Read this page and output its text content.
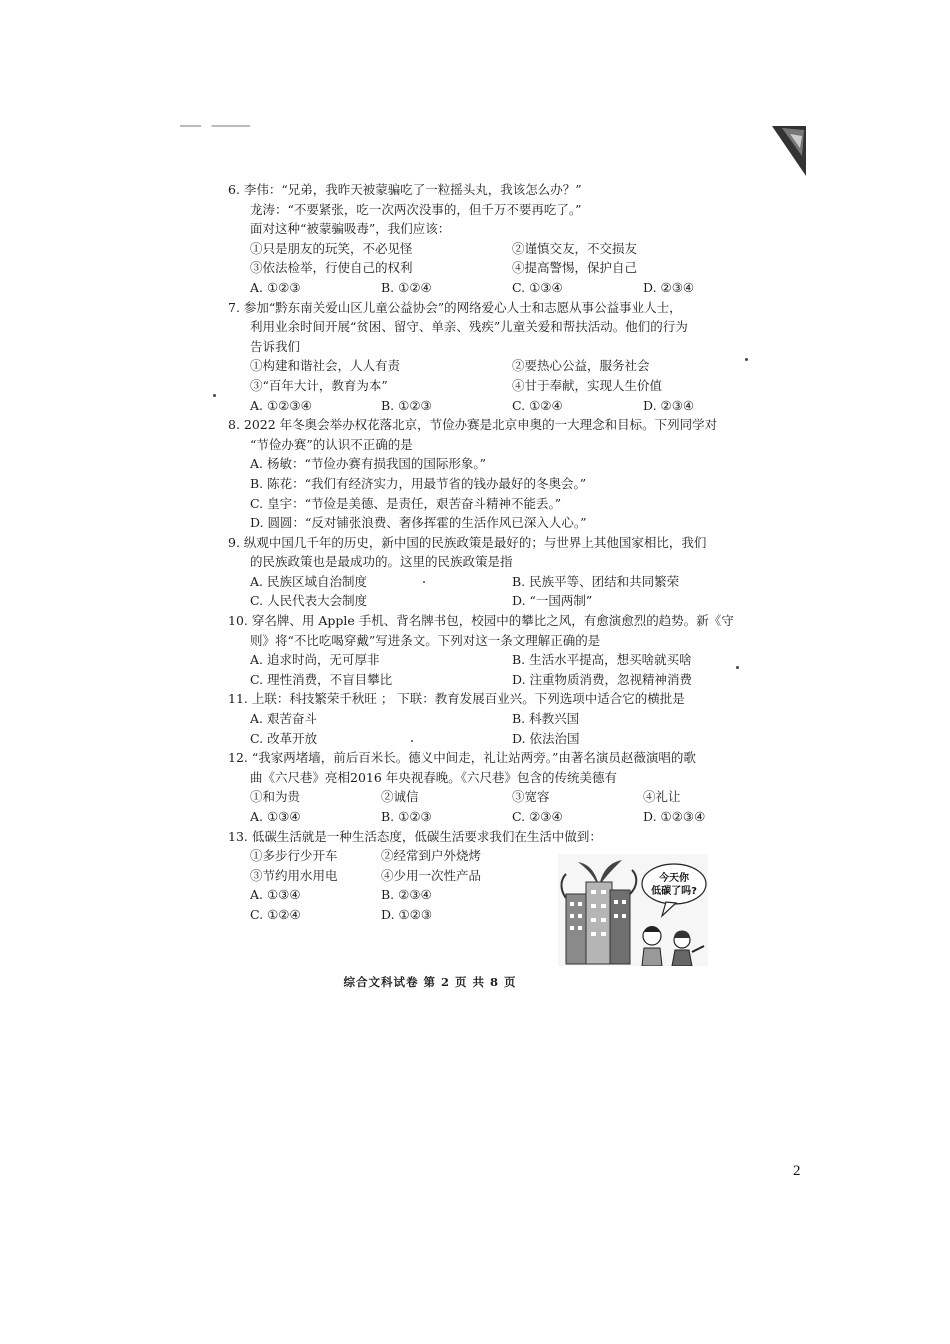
6. 李伟：“兄弟，我昨天被蒙骗吃了一粒摇头丸，我该怎么办？”
龙涛：“不要紧张，吃一次两次没事的，但千万不要再吃了。”
面对这种“被蒙骗吸毒”，我们应该：
①只是朋友的玩笑，不必见怪	②谨慎交友，不交损友
③依法检举，行使自己的权利	④提高警惕，保护自己
A. ①②③	B. ①②④	C. ①③④	D. ②③④
7. 参加“黔东南关爱山区儿童公益协会”的网络爱心人士和志愿从事公益事业人士，
利用业余时间开展“贫困、留守、单亲、残疾”儿童关爱和帮扶活动。他们的行为
告诉我们
①构建和谐社会，人人有责	②要热心公益，服务社会
③“百年大计，教育为本”	④甘于奉献，实现人生价值
A. ①②③④	B. ①②③	C. ①②④	D. ②③④
8. 2022 年冬奥会举办权花落北京，节俭办赛是北京申奥的一大理念和目标。下列同学对
“节俭办赛”的认识不正确的是
A. 杨敏：“节俭办赛有损我国的国际形象。”
B. 陈花：“我们有经济实力，用最节省的钱办最好的冬奥会。”
C. 皇宇：“节俭是美德、是责任，艰苦奋斗精神不能丢。”
D. 圆圆：“反对铺张浪费、奢侈挥霍的生活作风已深入人心。”
9. 纵观中国几千年的历史，新中国的民族政策是最好的；与世界上其他国家相比，我们
的民族政策也是最成功的。这里的民族政策是指
A. 民族区域自治制度	B. 民族平等、团结和共同繁荣
C. 人民代表大会制度	D. “一国两制”
10. 穿名牌、用 Apple 手机、背名牌书包，校园中的攀比之风，有愈演愈烈的趋势。新《守
则》将“不比吃喝穿戴”写进条文。下列对这一条文理解正确的是
A. 追求时尚，无可厚非	B. 生活水平提高，想买啥就买啥
C. 理性消费，不盲目攀比	D. 注重物质消费，忽视精神消费
11. 上联：科技繁荣千秋旺 ； 下联：教育发展百业兴。下列选项中适合它的横批是
A. 艰苦奋斗	B. 科教兴国
C. 改革开放	D. 依法治国
12. “我家两堵墙，前后百米长。德义中间走，礼让站两旁。”由著名演员赵薇演唱的歌
曲《六尺巷》亮相2016 年央视春晚。《六尺巷》包含的传统美德有
①和为贵	②诚信	③宽容	④礼让
A. ①③④	B. ①②③	C. ②③④	D. ①②③④
13. 低碳生活就是一种生活态度，低碳生活要求我们在生活中做到：
①多步行少开车	②经常到户外烧烤
③节约用水用电	④少用一次性产品
A. ①③④	B. ②③④
C. ①②④	D. ①②③
今天你
低碳了吗?
综合文科试卷 第 2 页 共 8 页
2
